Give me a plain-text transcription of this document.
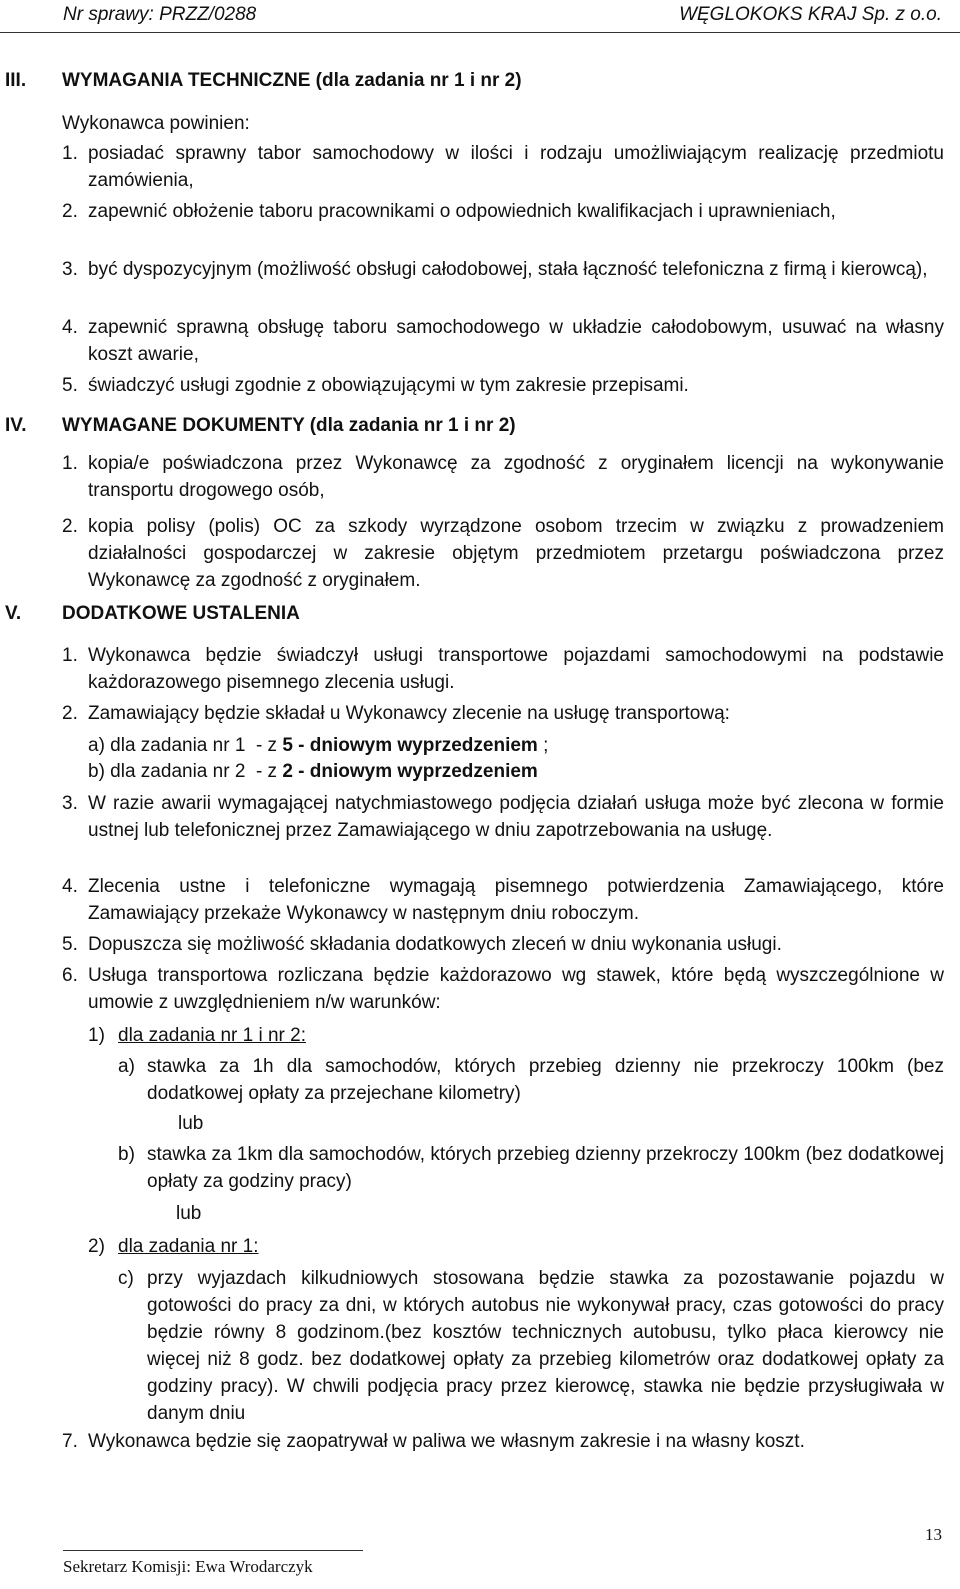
Nr sprawy: PRZZ/0288	WĘGLOKOKS KRAJ Sp. z o.o.
III. WYMAGANIA TECHNICZNE (dla zadania nr 1 i nr 2)
Wykonawca powinien:
1. posiadać sprawny tabor samochodowy w ilości i rodzaju umożliwiającym realizację przedmiotu zamówienia,
2. zapewnić obłożenie taboru pracownikami o odpowiednich kwalifikacjach i uprawnieniach,
3. być dyspozycyjnym (możliwość obsługi całodobowej, stała łączność telefoniczna z firmą i kierowcą),
4. zapewnić sprawną obsługę taboru samochodowego w układzie całodobowym, usuwać na własny koszt awarie,
5. świadczyć usługi zgodnie z obowiązującymi w tym zakresie przepisami.
IV. WYMAGANE DOKUMENTY (dla zadania nr 1 i nr 2)
1. kopia/e poświadczona przez Wykonawcę za zgodność z oryginałem licencji na wykonywanie transportu drogowego osób,
2. kopia polisy (polis) OC za szkody wyrządzone osobom trzecim w związku z prowadzeniem działalności gospodarczej w zakresie objętym przedmiotem przetargu poświadczona przez Wykonawcę za zgodność z oryginałem.
V. DODATKOWE USTALENIA
1. Wykonawca będzie świadczył usługi transportowe pojazdami samochodowymi na podstawie każdorazowego pisemnego zlecenia usługi.
2. Zamawiający będzie składał u Wykonawcy zlecenie na usługę transportową:
a) dla zadania nr 1  - z 5 - dniowym wyprzedzeniem ;
b) dla zadania nr 2  - z 2 - dniowym wyprzedzeniem
3. W razie awarii wymagającej natychmiastowego podjęcia działań usługa może być zlecona w formie ustnej lub telefonicznej przez Zamawiającego w dniu zapotrzebowania na usługę.
4. Zlecenia ustne i telefoniczne wymagają pisemnego potwierdzenia Zamawiającego, które Zamawiający przekaże Wykonawcy w następnym dniu roboczym.
5. Dopuszcza się możliwość składania dodatkowych zleceń w dniu wykonania usługi.
6. Usługa transportowa rozliczana będzie każdorazowo wg stawek, które będą wyszczególnione w umowie z uwzględnieniem n/w warunków:
1) dla zadania nr 1 i nr 2:
a) stawka za 1h dla samochodów, których przebieg dzienny nie przekroczy 100km (bez dodatkowej opłaty za przejechane kilometry)
lub
b) stawka za 1km dla samochodów, których przebieg dzienny przekroczy 100km (bez dodatkowej opłaty za godziny pracy)
lub
2) dla zadania nr 1:
c) przy wyjazdach kilkudniowych stosowana będzie stawka za pozostawanie pojazdu w gotowości do pracy za dni, w których autobus nie wykonywał pracy, czas gotowości do pracy będzie równy 8 godzinom.(bez kosztów technicznych autobusu, tylko płaca kierowcy nie więcej niż 8 godz. bez dodatkowej opłaty za przebieg kilometrów oraz dodatkowej opłaty za godziny pracy). W chwili podjęcia pracy przez kierowcę, stawka nie będzie przysługiwała w danym dniu
7. Wykonawca będzie się zaopatrywał w paliwa we własnym zakresie i na własny koszt.
13
Sekretarz Komisji: Ewa Wrodarczyk
